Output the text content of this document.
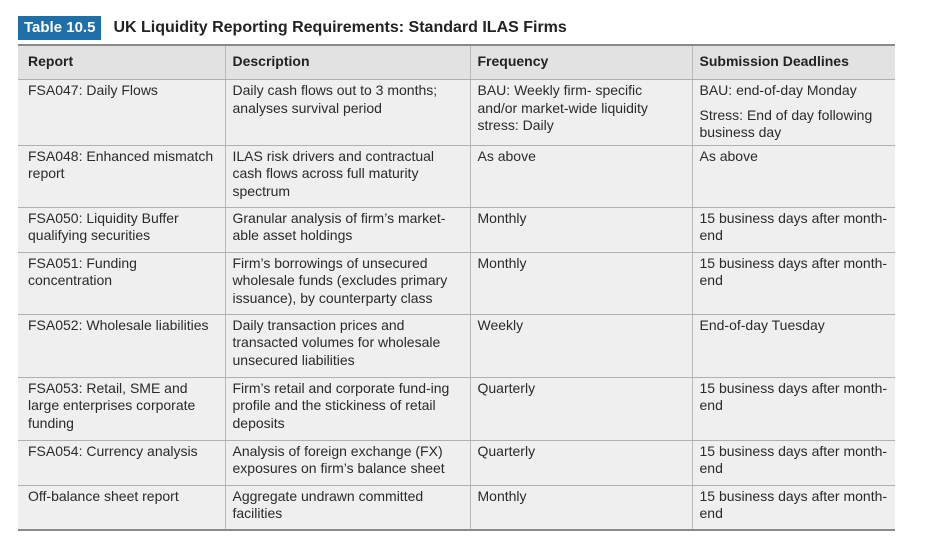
Table 10.5	UK Liquidity Reporting Requirements: Standard ILAS Firms
Report	Description	Frequency	Submission Deadlines
FSA047: Daily Flows	Daily cash flows out to 3 months; analyses survival period	BAU: Weekly firm- specific and/or market-wide liquidity stress: Daily	BAU: end-of-day Monday
Stress: End of day following business day
FSA048: Enhanced mismatch report	ILAS risk drivers and contractual cash flows across full maturity spectrum	As above	As above
FSA050: Liquidity Buffer qualifying securities	Granular analysis of firm’s market-able asset holdings	Monthly	15 business days after month-end
FSA051: Funding concentration	Firm’s borrowings of unsecured wholesale funds (excludes primary issuance), by counterparty class	Monthly	15 business days after month-end
FSA052: Wholesale liabilities	Daily transaction prices and transacted volumes for wholesale unsecured liabilities	Weekly	End-of-day Tuesday
FSA053: Retail, SME and large enterprises corporate funding	Firm’s retail and corporate fund-ing profile and the stickiness of retail deposits	Quarterly	15 business days after month-end
FSA054: Currency analysis	Analysis of foreign exchange (FX) exposures on firm’s balance sheet	Quarterly	15 business days after month-end
Off-balance sheet report	Aggregate undrawn committed facilities	Monthly	15 business days after month-end
